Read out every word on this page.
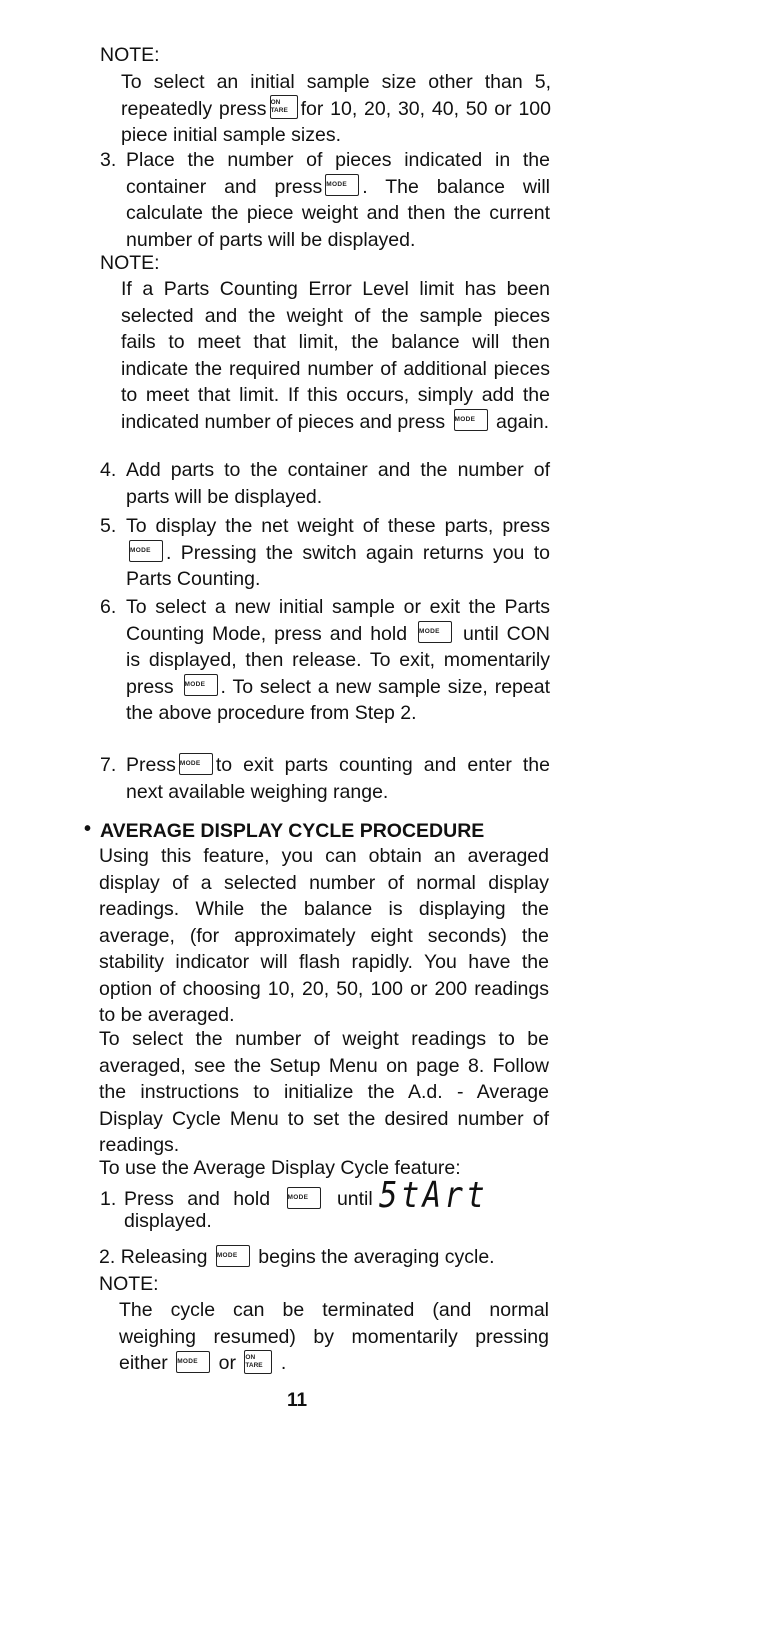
NOTE:
To select an initial sample size other than 5, repeatedly press ON
TARE for 10, 20, 30, 40, 50 or 100 piece initial sample sizes.
3. Place the number of pieces indicated in the container and press MODE . The balance will calculate the piece weight and then the current number of parts will be displayed.
NOTE:
If a Parts Counting Error Level limit has been selected and the weight of the sample pieces fails to meet that limit, the balance will then indicate the required number of additional pieces to meet that limit. If this occurs, simply add the indicated number of pieces and press MODE again.
4. Add parts to the container and the number of parts will be displayed.
5. To display the net weight of these parts, press MODE . Pressing the switch again returns you to Parts Counting.
6. To select a new initial sample or exit the Parts Counting Mode, press and hold MODE until CON is displayed, then release. To exit, momentarily press MODE . To select a new sample size, repeat the above procedure from Step 2.
7. Press MODE to exit parts counting and enter the next available weighing range.
• AVERAGE DISPLAY CYCLE PROCEDURE
Using this feature, you can obtain an averaged display of a selected number of normal display readings. While the balance is displaying the average, (for approximately eight seconds) the stability indicator will flash rapidly. You have the option of choosing 10, 20, 50, 100 or 200 readings to be averaged.
To select the number of weight readings to be averaged, see the Setup Menu on page 8. Follow the instructions to initialize the A.d. - Average Display Cycle Menu to set the desired number of readings.
To use the Average Display Cycle feature:
1. Press and hold	MODE until 5tArt
displayed.
2. Releasing MODE begins the averaging cycle.
NOTE:
The cycle can be terminated (and normal weighing resumed) by momentarily pressing either MODE or ON
TARE .
11
